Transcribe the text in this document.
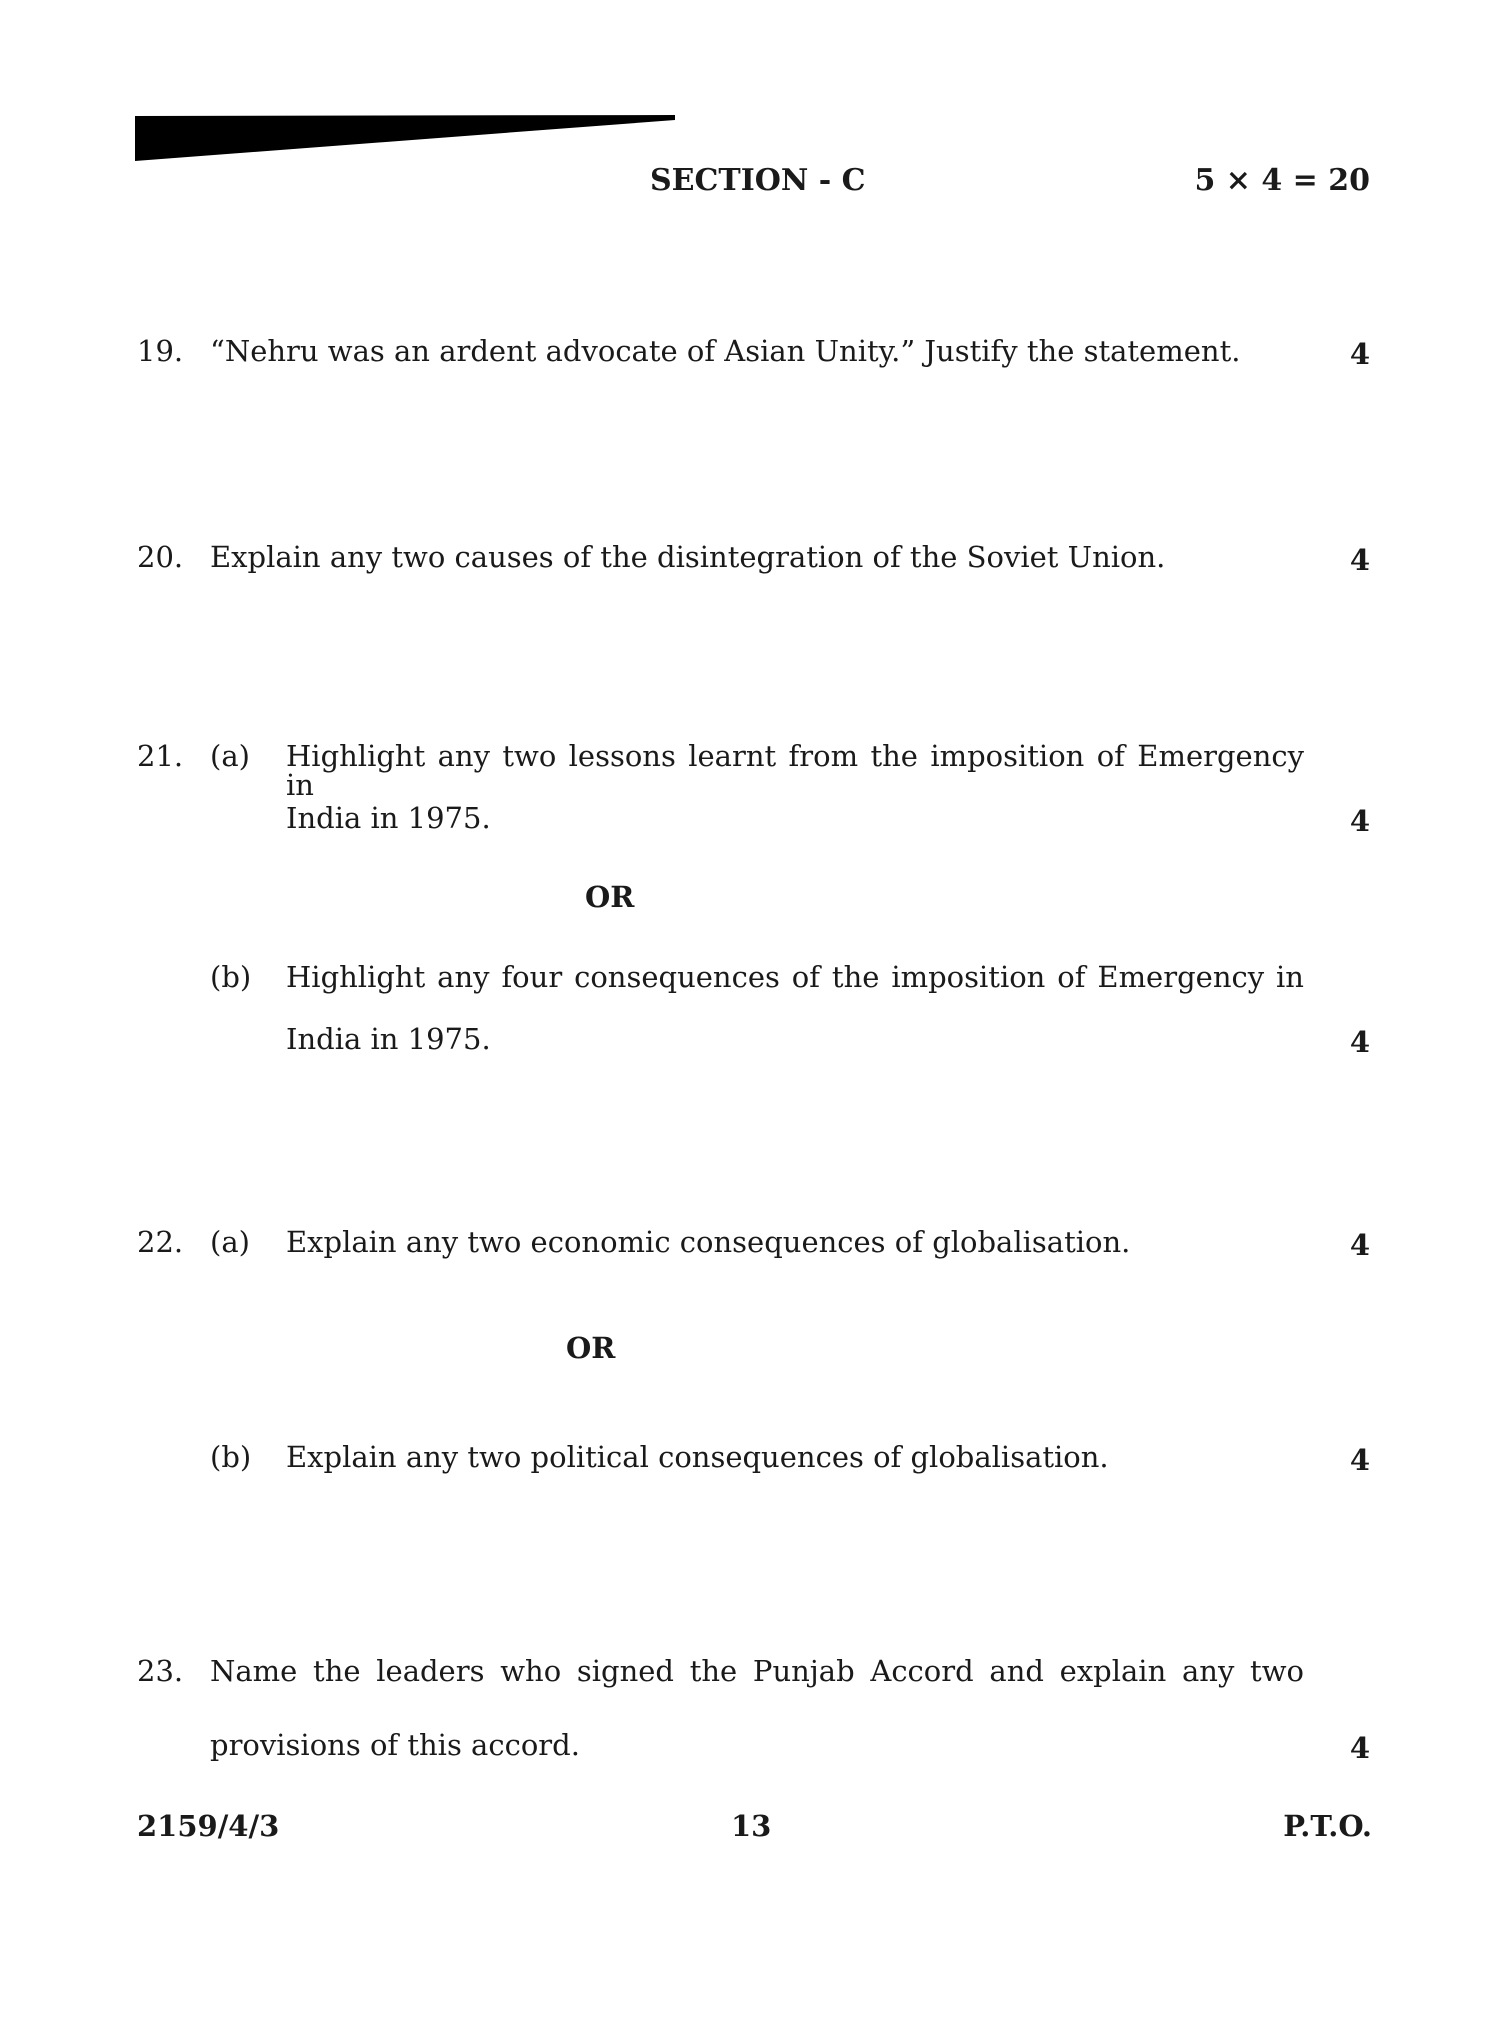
SECTION - C	5 × 4 = 20
19. “Nehru was an ardent advocate of Asian Unity.” Justify the statement.	4
20. Explain any two causes of the disintegration of the Soviet Union.	4
21. (a) Highlight any two lessons learnt from the imposition of Emergency in
India in 1975.	4
OR
(b) Highlight any four consequences of the imposition of Emergency in
India in 1975.	4
22. (a) Explain any two economic consequences of globalisation.	4
OR
(b) Explain any two political consequences of globalisation.	4
23. Name the leaders who signed the Punjab Accord and explain any two
provisions of this accord.	4
2159/4/3	13	P.T.O.
